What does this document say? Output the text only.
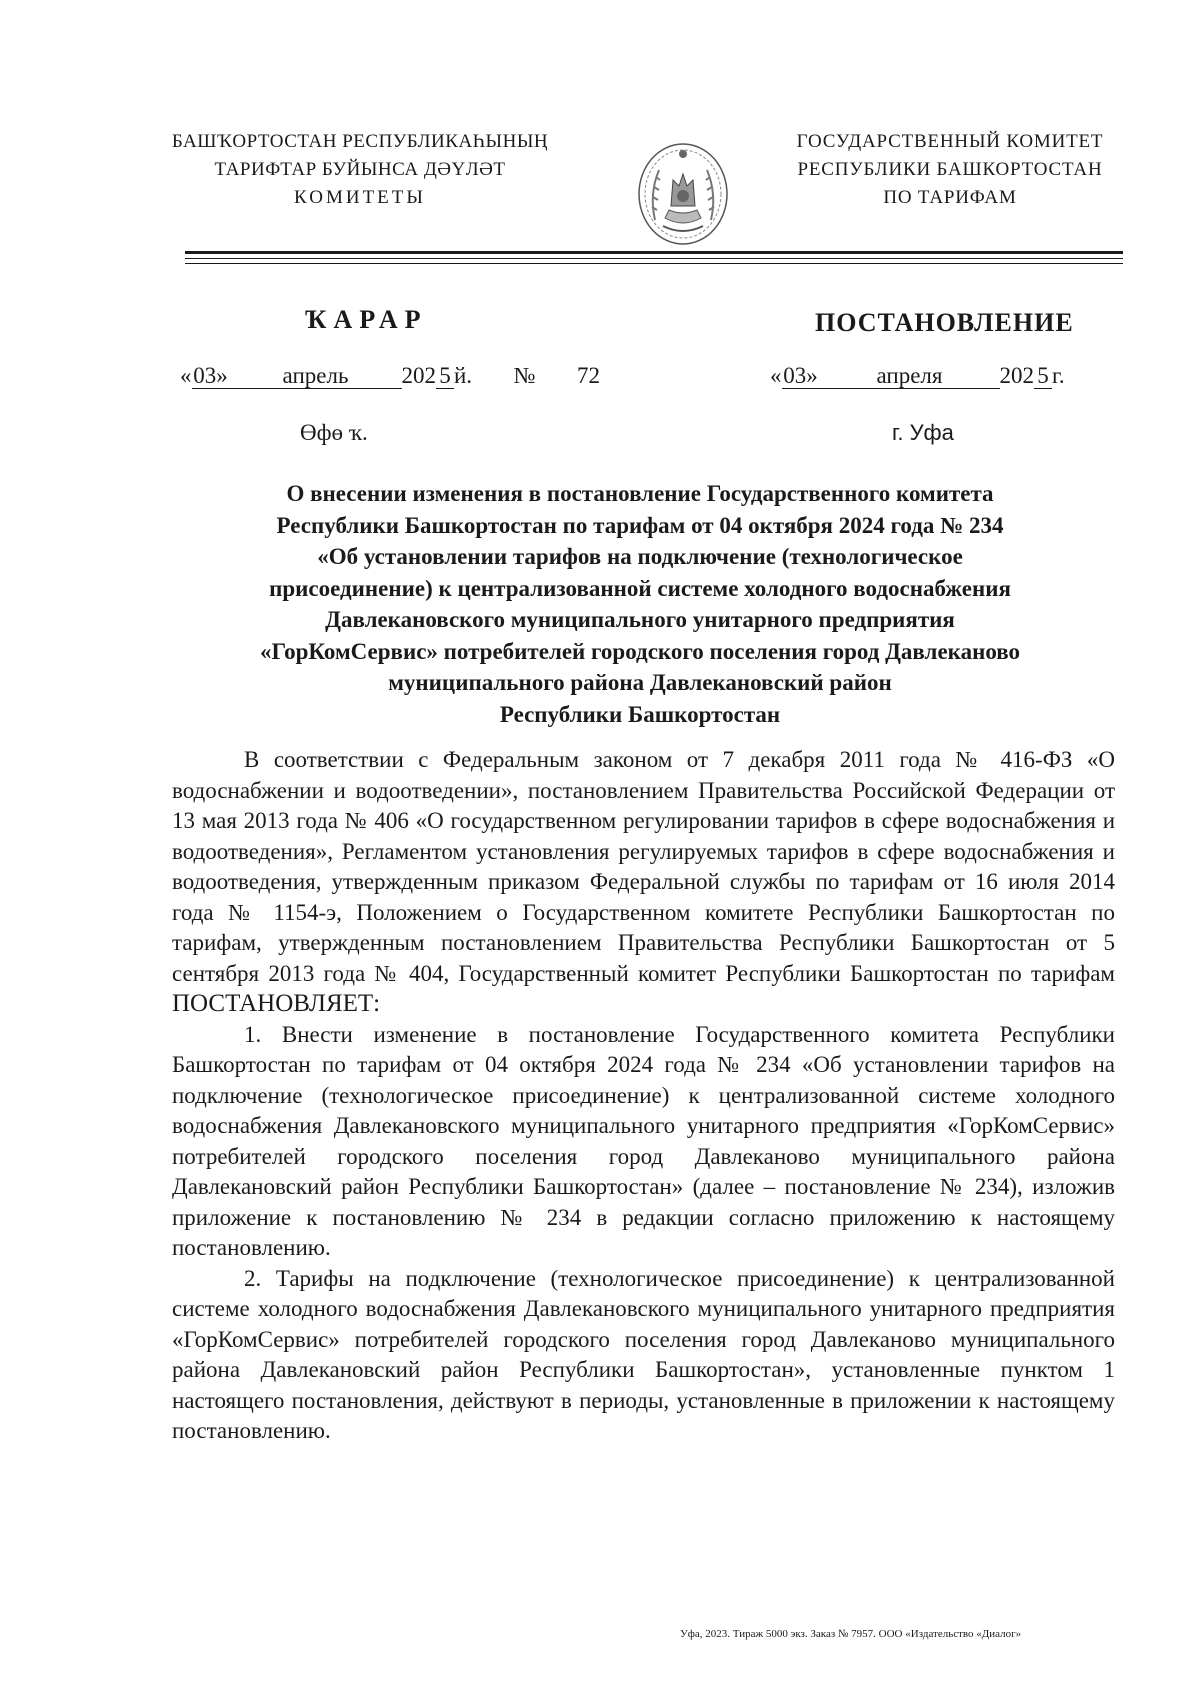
БАШҠОРТОСТАН РЕСПУБЛИКАҺЫНЫҢ
ТАРИФТАР БУЙЫНСА ДӘҮЛӘТ
КОМИТЕТЫ
ГОСУДАРСТВЕННЫЙ КОМИТЕТ
РЕСПУБЛИКИ БАШКОРТОСТАН
ПО ТАРИФАМ
ҠАРАР	ПОСТАНОВЛЕНИЕ
«03» апрель 202 5 й. № 72	«03»	апреля 202 5 г.
Өфө ҡ.	г. Уфа
О внесении изменения в постановление Государственного комитета
Республики Башкортостан по тарифам от 04 октября 2024 года № 234
«Об установлении тарифов на подключение (технологическое
присоединение) к централизованной системе холодного водоснабжения
Давлекановского муниципального унитарного предприятия
«ГорКомСервис» потребителей городского поселения город Давлеканово
муниципального района Давлекановский район
Республики Башкортостан

В соответствии с Федеральным законом от 7 декабря 2011 года № 416-ФЗ «О водоснабжении и водоотведении», постановлением Правительства Российской Федерации от 13 мая 2013 года № 406 «О государственном регулировании тарифов в сфере водоснабжения и водоотведения», Регламентом установления регулируемых тарифов в сфере водоснабжения и водоотведения, утвержденным приказом Федеральной службы по тарифам от 16 июля 2014 года № 1154-э, Положением о Государственном комитете Республики Башкортостан по тарифам, утвержденным постановлением Правительства Республики Башкортостан от 5 сентября 2013 года № 404, Государственный комитет Республики Башкортостан по тарифам ПОСТАНОВЛЯЕТ:

1. Внести изменение в постановление Государственного комитета Республики Башкортостан по тарифам от 04 октября 2024 года № 234 «Об установлении тарифов на подключение (технологическое присоединение) к централизованной системе холодного водоснабжения Давлекановского муниципального унитарного предприятия «ГорКомСервис» потребителей городского поселения город Давлеканово муниципального района Давлекановский район Республики Башкортостан» (далее – постановление № 234), изложив приложение к постановлению № 234 в редакции согласно приложению к настоящему постановлению.

2. Тарифы на подключение (технологическое присоединение) к централизованной системе холодного водоснабжения Давлекановского муниципального унитарного предприятия «ГорКомСервис» потребителей городского поселения город Давлеканово муниципального района Давлекановский район Республики Башкортостан», установленные пунктом 1 настоящего постановления, действуют в периоды, установленные в приложении к настоящему постановлению.

Уфа, 2023. Тираж 5000 экз. Заказ № 7957. ООО «Издательство «Диалог»
